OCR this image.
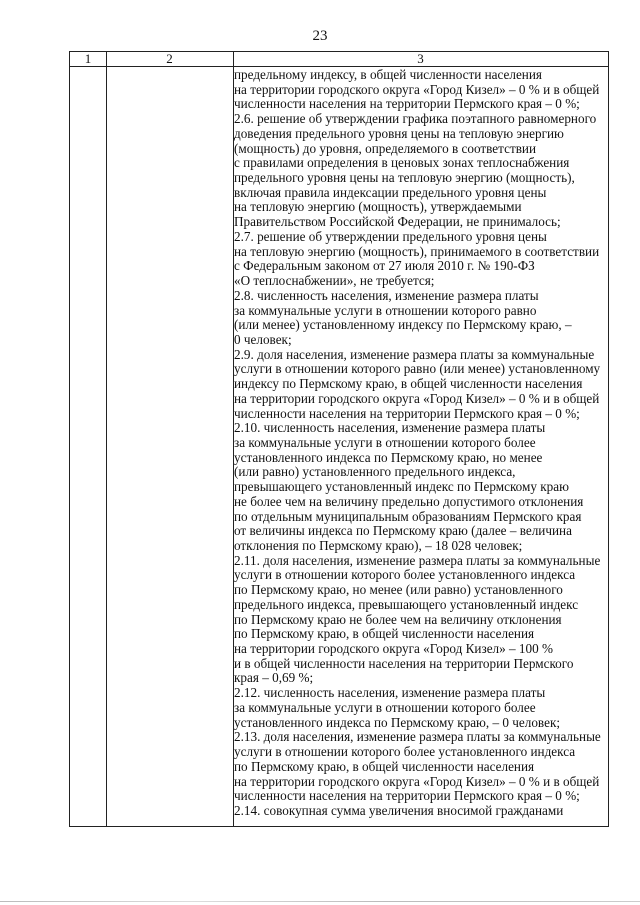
23
1	2	3
предельному индексу, в общей численности населения
на территории городского округа «Город Кизел» – 0 % и в общей
численности населения на территории Пермского края – 0 %;
2.6. решение об утверждении графика поэтапного равномерного
доведения предельного уровня цены на тепловую энергию
(мощность) до уровня, определяемого в соответствии
с правилами определения в ценовых зонах теплоснабжения
предельного уровня цены на тепловую энергию (мощность),
включая правила индексации предельного уровня цены
на тепловую энергию (мощность), утверждаемыми
Правительством Российской Федерации, не принималось;
2.7. решение об утверждении предельного уровня цены
на тепловую энергию (мощность), принимаемого в соответствии
с Федеральным законом от 27 июля 2010 г. № 190-ФЗ
«О теплоснабжении», не требуется;
2.8. численность населения, изменение размера платы
за коммунальные услуги в отношении которого равно
(или менее) установленному индексу по Пермскому краю, –
0 человек;
2.9. доля населения, изменение размера платы за коммунальные
услуги в отношении которого равно (или менее) установленному
индексу по Пермскому краю, в общей численности населения
на территории городского округа «Город Кизел» – 0 % и в общей
численности населения на территории Пермского края – 0 %;
2.10. численность населения, изменение размера платы
за коммунальные услуги в отношении которого более
установленного индекса по Пермскому краю, но менее
(или равно) установленного предельного индекса,
превышающего установленный индекс по Пермскому краю
не более чем на величину предельно допустимого отклонения
по отдельным муниципальным образованиям Пермского края
от величины индекса по Пермскому краю (далее – величина
отклонения по Пермскому краю), – 18 028 человек;
2.11. доля населения, изменение размера платы за коммунальные
услуги в отношении которого более установленного индекса
по Пермскому краю, но менее (или равно) установленного
предельного индекса, превышающего установленный индекс
по Пермскому краю не более чем на величину отклонения
по Пермскому краю, в общей численности населения
на территории городского округа «Город Кизел» – 100 %
и в общей численности населения на территории Пермского
края – 0,69 %;
2.12. численность населения, изменение размера платы
за коммунальные услуги в отношении которого более
установленного индекса по Пермскому краю, – 0 человек;
2.13. доля населения, изменение размера платы за коммунальные
услуги в отношении которого более установленного индекса
по Пермскому краю, в общей численности населения
на территории городского округа «Город Кизел» – 0 % и в общей
численности населения на территории Пермского края – 0 %;
2.14. совокупная сумма увеличения вносимой гражданами
